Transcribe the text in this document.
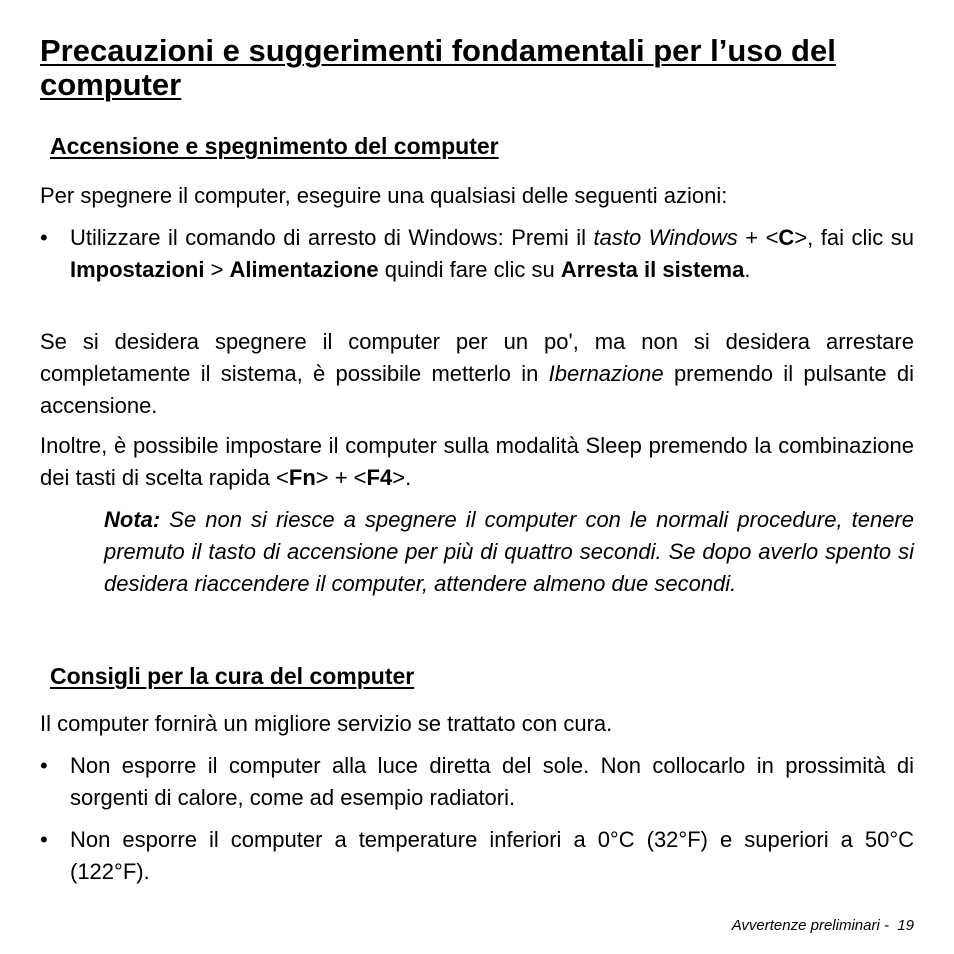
Precauzioni e suggerimenti fondamentali per l’uso del computer
Accensione e spegnimento del computer

Per spegnere il computer, eseguire una qualsiasi delle seguenti azioni:

• Utilizzare il comando di arresto di Windows: Premi il tasto Windows + <C>, fai clic su Impostazioni > Alimentazione quindi fare clic su Arresta il sistema.

Se si desidera spegnere il computer per un po', ma non si desidera arrestare completamente il sistema, è possibile metterlo in Ibernazione premendo il pulsante di accensione.

Inoltre, è possibile impostare il computer sulla modalità Sleep premendo la combinazione dei tasti di scelta rapida <Fn> + <F4>.

Nota: Se non si riesce a spegnere il computer con le normali procedure, tenere premuto il tasto di accensione per più di quattro secondi. Se dopo averlo spento si desidera riaccendere il computer, attendere almeno due secondi.

Consigli per la cura del computer

Il computer fornirà un migliore servizio se trattato con cura.

• Non esporre il computer alla luce diretta del sole. Non collocarlo in prossimità di sorgenti di calore, come ad esempio radiatori.
• Non esporre il computer a temperature inferiori a 0°C (32°F) e superiori a 50°C (122°F).
Avvertenze preliminari -  19
